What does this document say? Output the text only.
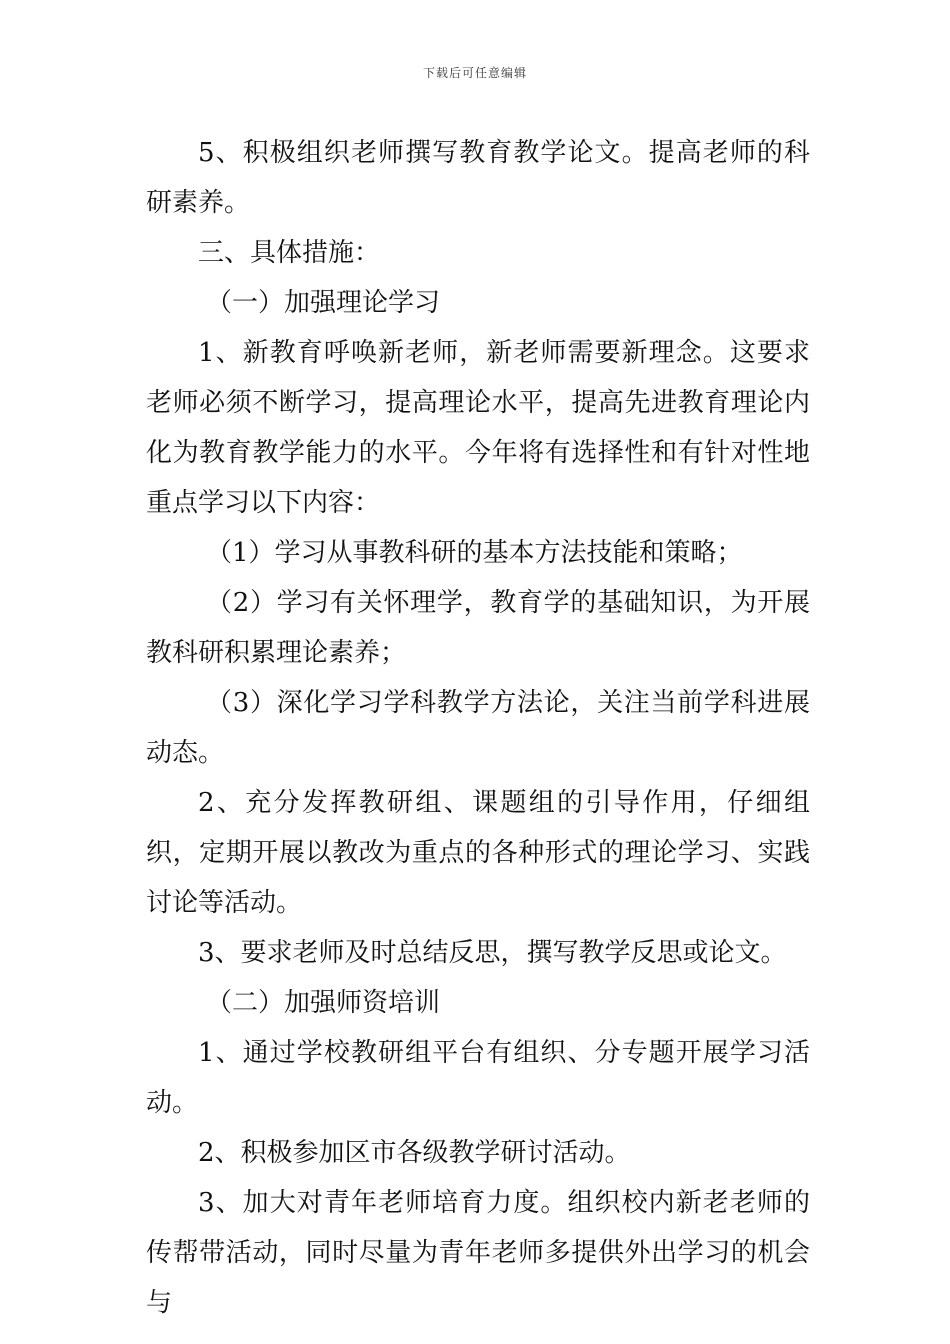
下载后可任意编辑

5、积极组织老师撰写教育教学论文。提高老师的科研素养。

三、具体措施：

（一）加强理论学习

1、新教育呼唤新老师，新老师需要新理念。这要求老师必须不断学习，提高理论水平，提高先进教育理论内化为教育教学能力的水平。今年将有选择性和有针对性地重点学习以下内容：

（1）学习从事教科研的基本方法技能和策略；

（2）学习有关怀理学，教育学的基础知识，为开展教科研积累理论素养；

（3）深化学习学科教学方法论，关注当前学科进展动态。

2、充分发挥教研组、课题组的引导作用，仔细组织，定期开展以教改为重点的各种形式的理论学习、实践讨论等活动。

3、要求老师及时总结反思，撰写教学反思或论文。

（二）加强师资培训

1、通过学校教研组平台有组织、分专题开展学习活动。

2、积极参加区市各级教学研讨活动。

3、加大对青年老师培育力度。组织校内新老老师的传帮带活动，同时尽量为青年老师多提供外出学习的机会与
